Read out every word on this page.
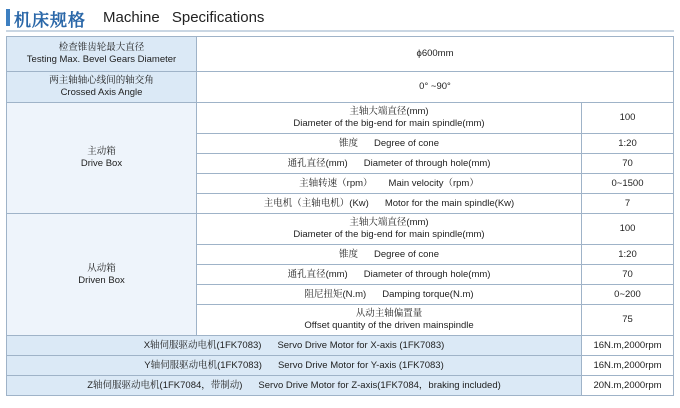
机床规格 Machine Specifications
检查锥齿轮最大直径
Testing Max. Bevel Gears Diameter	ϕ600mm	

两主轴轴心线间的轴交角
Crossed Axis Angle	0° ~90°	

主动箱
Drive Box	主轴大端直径(mm)
Diameter of the big-end for main spindle(mm)	100
	锥度 Degree of cone	1:20
	通孔直径(mm) Diameter of through hole(mm)	70
	主轴转速（rpm） Main velocity（rpm）	0~1500
	主电机（主轴电机）(Kw) Motor for the main spindle(Kw)	7

从动箱
Driven Box	主轴大端直径(mm)
Diameter of the big-end for main spindle(mm)	100
	锥度 Degree of cone	1:20
	通孔直径(mm) Diameter of through hole(mm)	70
	阻尼扭矩(N.m) Damping torque(N.m)	0~200

	从动主轴偏置量
Offset quantity of the driven mainspindle	75
X轴伺服驱动电机(1FK7083) Servo Drive Motor for X-axis (1FK7083)		16N.m,2000rpm
Y轴伺服驱动电机(1FK7083) Servo Drive Motor for Y-axis (1FK7083)		16N.m,2000rpm
Z轴伺服驱动电机(1FK7084，带制动) Servo Drive Motor for Z-axis(1FK7084，braking included)		20N.m,2000rpm
